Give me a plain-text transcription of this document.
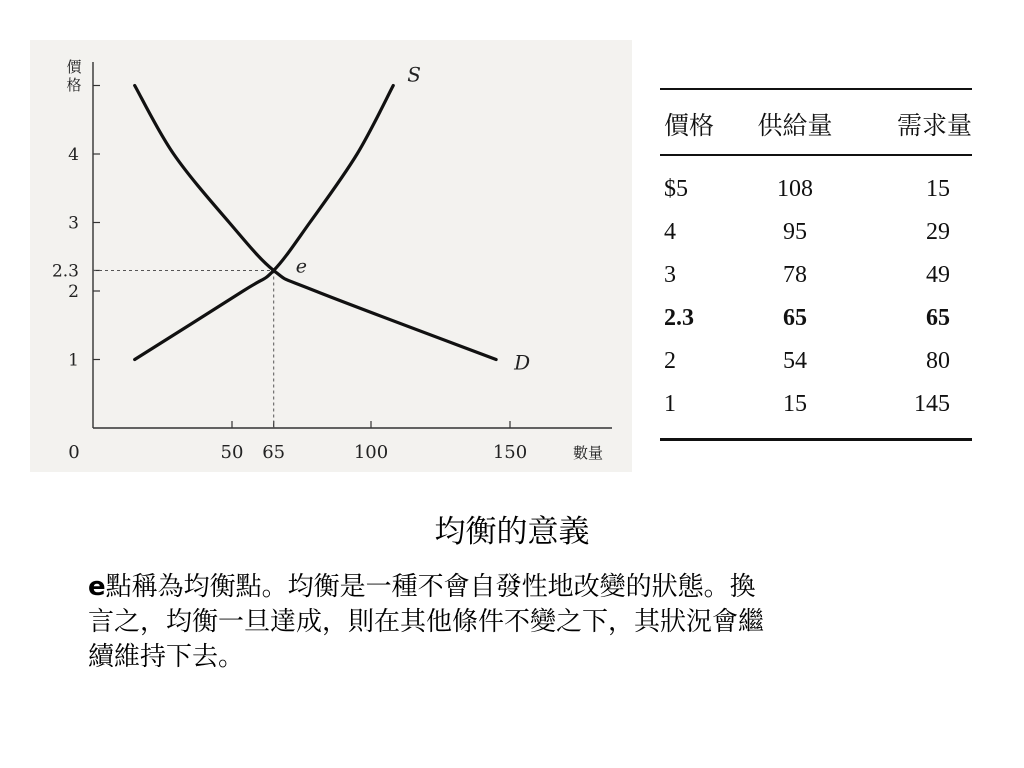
1
2
2.3
3
4
0	50 65	100	150
價
格
數量
S
D
e
價格	供給量	需求量
$5	108	15
4	95	29
3	78	49
2.3	65	65
2	54	80
1	15	145
均衡的意義
e點稱為均衡點。均衡是一種不會自發性地改變的狀態。換
言之，均衡一旦達成，則在其他條件不變之下，其狀況會繼
續維持下去。
